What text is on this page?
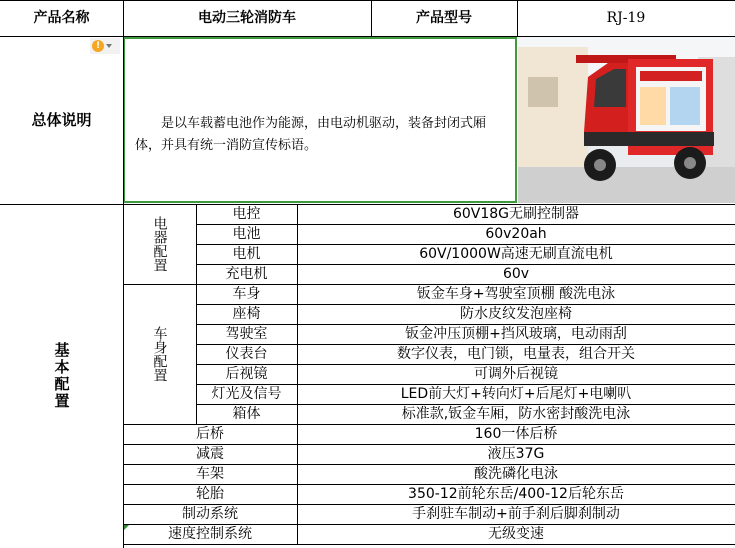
产品名称	电动三轮消防车	产品型号	RJ-19
总体说明	是以车载蓄电池作为能源，由电动机驱动，装备封闭式厢体，并具有统一消防宣传标语。
!
基本配置
电器配置
电控	60V18G无刷控制器
电池	60v20ah
电机	60V/1000W高速无刷直流电机
充电机	60v
车身配置
车身	钣金车身+驾驶室顶棚 酸洗电泳
座椅	防水皮纹发泡座椅
驾驶室	钣金冲压顶棚+挡风玻璃，电动雨刮
仪表台	数字仪表，电门锁，电量表，组合开关
后视镜	可调外后视镜
灯光及信号	LED前大灯+转向灯+后尾灯+电喇叭
箱体	标准款,钣金车厢，防水密封酸洗电泳
后桥	160一体后桥
减震	液压37G
车架	酸洗磷化电泳
轮胎	350-12前轮东岳/400-12后轮东岳
制动系统	手刹驻车制动+前手刹后脚刹制动
速度控制系统	无级变速
